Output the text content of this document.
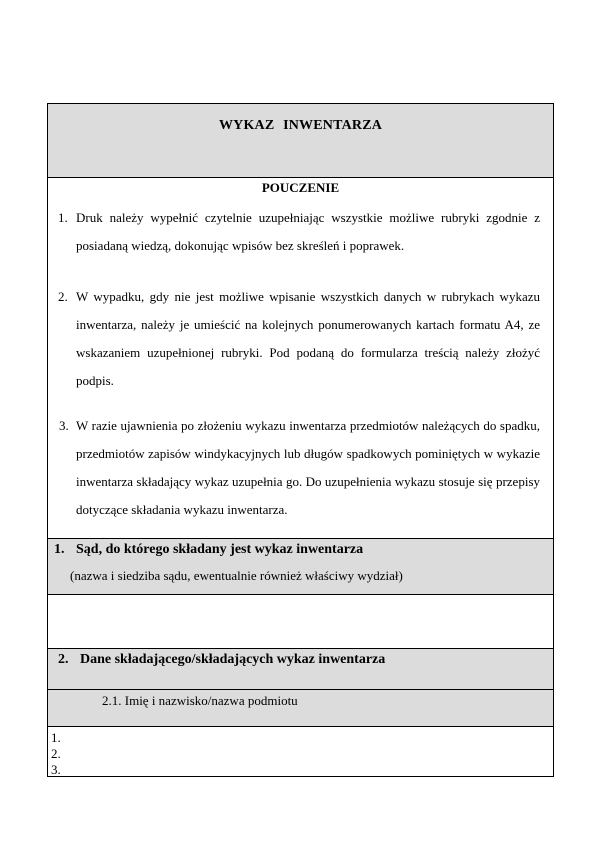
WYKAZ INWENTARZA
POUCZENIE
1. Druk należy wypełnić czytelnie uzupełniając wszystkie możliwe rubryki zgodnie z posiadaną wiedzą, dokonując wpisów bez skreśleń i poprawek.
2. W wypadku, gdy nie jest możliwe wpisanie wszystkich danych w rubrykach wykazu inwentarza, należy je umieścić na kolejnych ponumerowanych kartach formatu A4, ze wskazaniem uzupełnionej rubryki. Pod podaną do formularza treścią należy złożyć podpis.
3. W razie ujawnienia po złożeniu wykazu inwentarza przedmiotów należących do spadku, przedmiotów zapisów windykacyjnych lub długów spadkowych pominiętych w wykazie inwentarza składający wykaz uzupełnia go. Do uzupełnienia wykazu stosuje się przepisy dotyczące składania wykazu inwentarza.
1. Sąd, do którego składany jest wykaz inwentarza
(nazwa i siedziba sądu, ewentualnie również właściwy wydział)
2. Dane składającego/składających wykaz inwentarza
2.1. Imię i nazwisko/nazwa podmiotu
1.
2.
3.
